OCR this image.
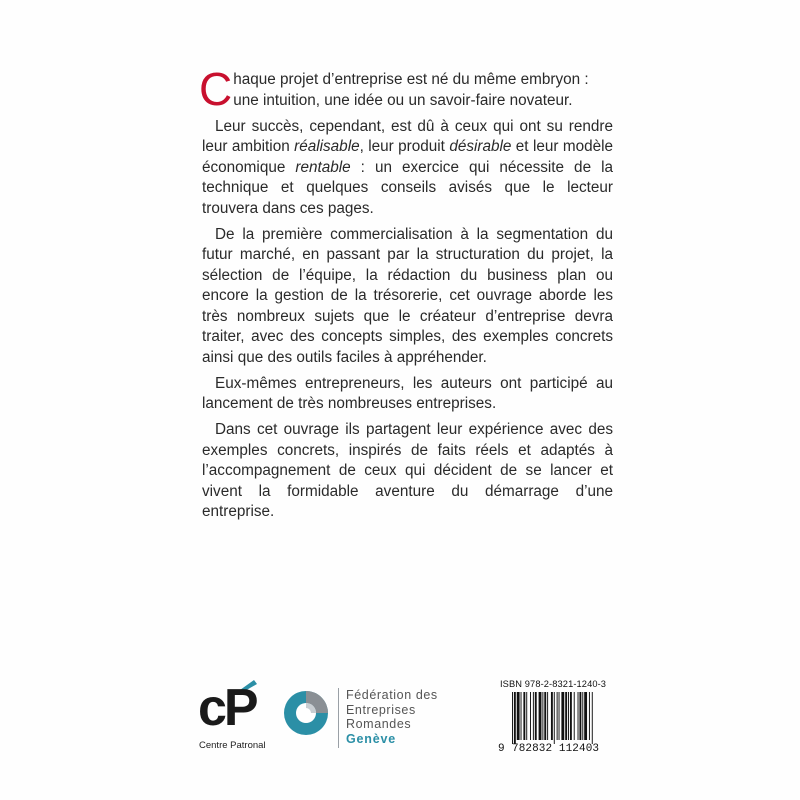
Chaque projet d’entreprise est né du même embryon :
une intuition, une idée ou un savoir-faire novateur.

Leur succès, cependant, est dû à ceux qui ont su rendre leur ambition réalisable, leur produit désirable et leur modèle économique rentable : un exercice qui nécessite de la technique et quelques conseils avisés que le lecteur trouvera dans ces pages.

De la première commercialisation à la segmentation du futur marché, en passant par la structuration du projet, la sélection de l’équipe, la rédaction du business plan ou encore la gestion de la trésorerie, cet ouvrage aborde les très nombreux sujets que le créateur d’entreprise devra traiter, avec des concepts simples, des exemples concrets ainsi que des outils faciles à appréhender.

Eux-mêmes entrepreneurs, les auteurs ont participé au lancement de très nombreuses entreprises.

Dans cet ouvrage ils partagent leur expérience avec des exemples concrets, inspirés de faits réels et adaptés à l’accompagnement de ceux qui décident de se lancer et vivent la formidable aventure du démarrage d’une entreprise.

cP
Centre Patronal
Fédération des
Entreprises
Romandes
Genève
ISBN 978-2-8321-1240-3
9 782832 112403
